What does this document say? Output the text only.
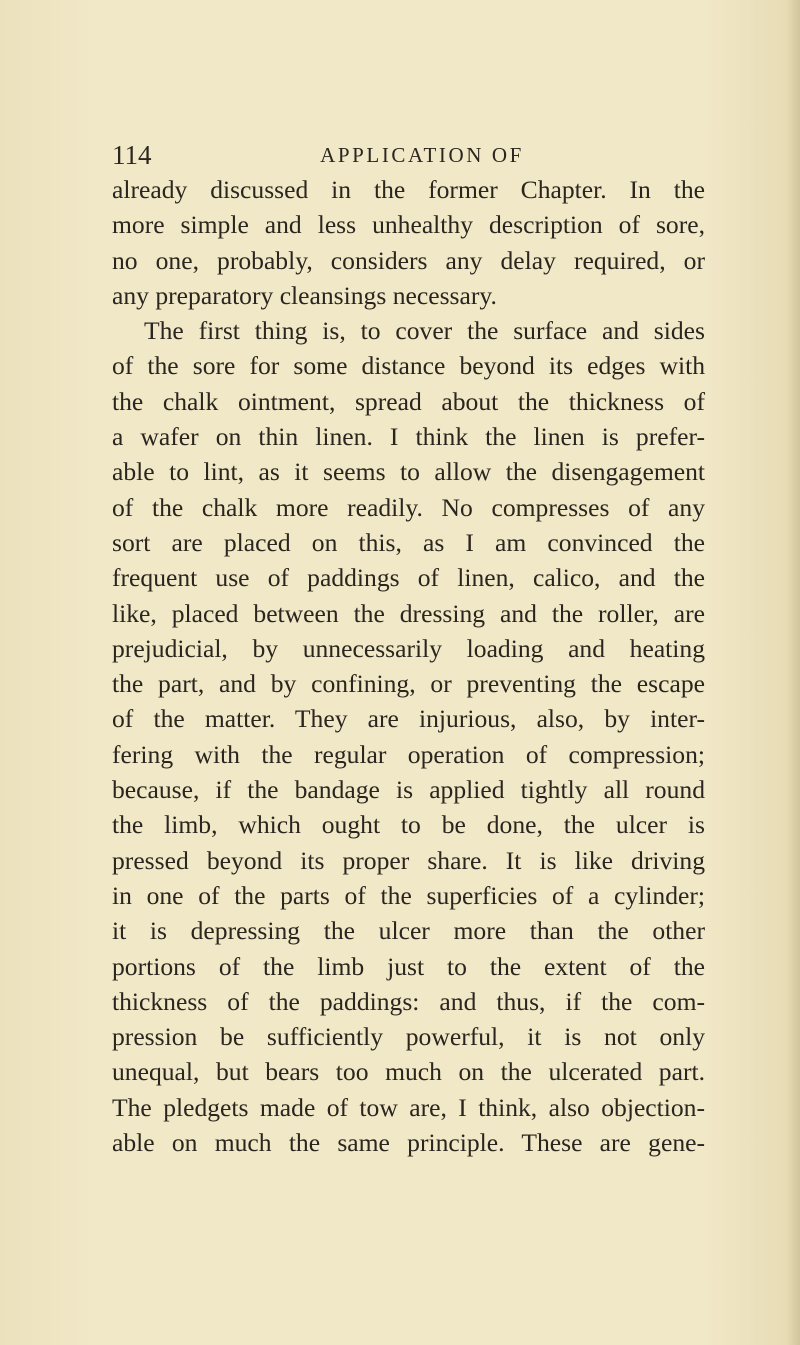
114	APPLICATION OF
already discussed in the former Chapter. In the
more simple and less unhealthy description of sore,
no one, probably, considers any delay required, or
any preparatory cleansings necessary.
The first thing is, to cover the surface and sides
of the sore for some distance beyond its edges with
the chalk ointment, spread about the thickness of
a wafer on thin linen. I think the linen is prefer-
able to lint, as it seems to allow the disengagement
of the chalk more readily. No compresses of any
sort are placed on this, as I am convinced the
frequent use of paddings of linen, calico, and the
like, placed between the dressing and the roller, are
prejudicial, by unnecessarily loading and heating
the part, and by confining, or preventing the escape
of the matter. They are injurious, also, by inter-
fering with the regular operation of compression;
because, if the bandage is applied tightly all round
the limb, which ought to be done, the ulcer is
pressed beyond its proper share. It is like driving
in one of the parts of the superficies of a cylinder;
it is depressing the ulcer more than the other
portions of the limb just to the extent of the
thickness of the paddings: and thus, if the com-
pression be sufficiently powerful, it is not only
unequal, but bears too much on the ulcerated part.
The pledgets made of tow are, I think, also objection-
able on much the same principle. These are gene-
